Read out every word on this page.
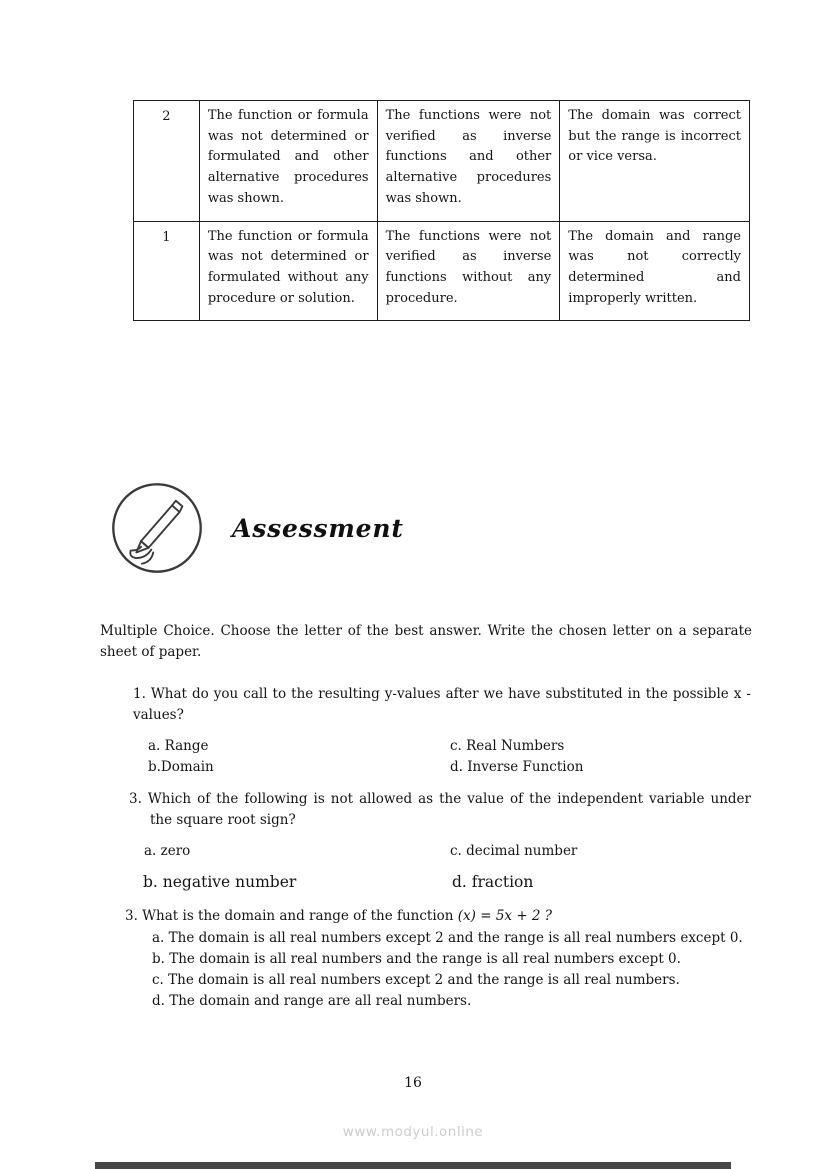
2	The function or formula was not determined or formulated and other alternative procedures was shown.	The functions were not verified as inverse functions and other alternative procedures was shown.	The domain was correct but the range is incorrect or vice versa.
1	The function or formula was not determined or formulated without any procedure or solution.	The functions were not verified as inverse functions without any procedure.	The domain and range was not correctly determined and improperly written.
Assessment

Multiple Choice. Choose the letter of the best answer. Write the chosen letter on a separate sheet of paper.

1. What do you call to the resulting y-values after we have substituted in the possible x - values?

a. Range	c. Real Numbers
b.Domain	d. Inverse Function

3. Which of the following is not allowed as the value of the independent variable under the square root sign?

a. zero	c. decimal number
b. negative number	d. fraction

3. What is the domain and range of the function (x) = 5x + 2 ?

a. The domain is all real numbers except 2 and the range is all real numbers except 0.

b. The domain is all real numbers and the range is all real numbers except 0.

c. The domain is all real numbers except 2 and the range is all real numbers.

d. The domain and range are all real numbers.

16
www.modyul.online
